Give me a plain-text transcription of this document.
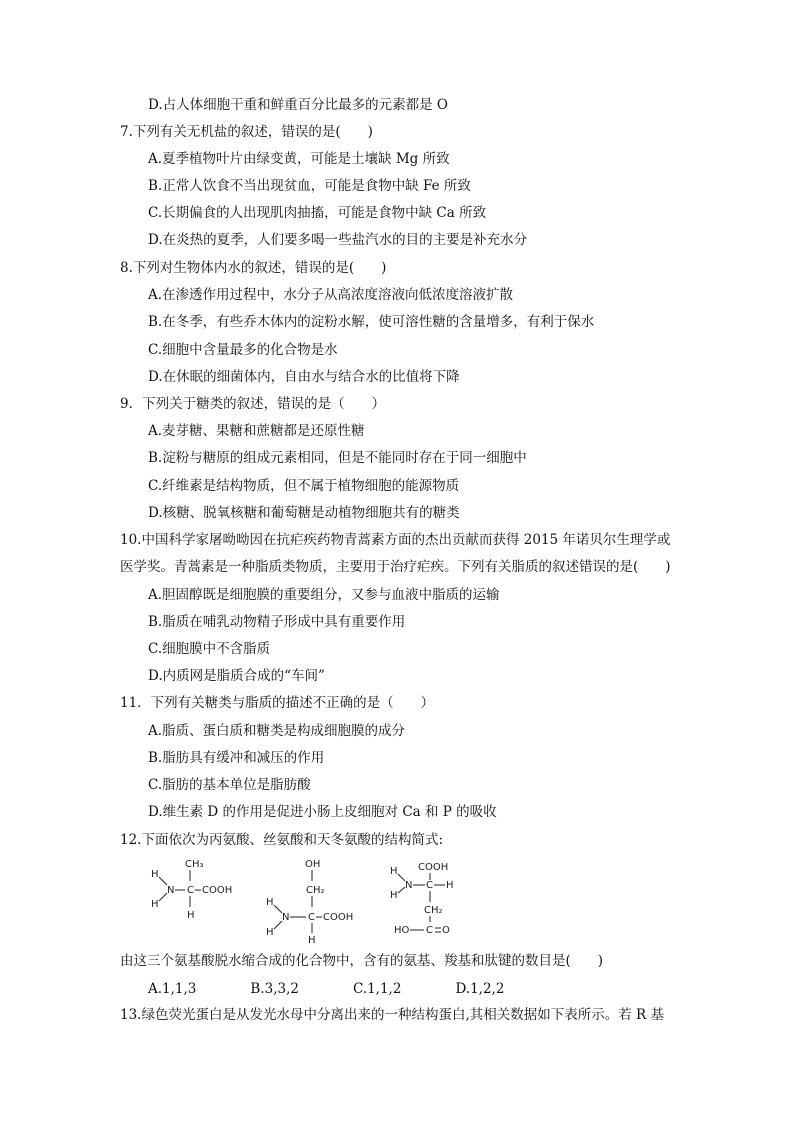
D.占人体细胞干重和鲜重百分比最多的元素都是 O
7.下列有关无机盐的叙述，错误的是(　　)
A.夏季植物叶片由绿变黄，可能是土壤缺 Mg 所致
B.正常人饮食不当出现贫血，可能是食物中缺 Fe 所致
C.长期偏食的人出现肌肉抽搐，可能是食物中缺 Ca 所致
D.在炎热的夏季，人们要多喝一些盐汽水的目的主要是补充水分
8.下列对生物体内水的叙述，错误的是(　　)
A.在渗透作用过程中，水分子从高浓度溶液向低浓度溶液扩散
B.在冬季，有些乔木体内的淀粉水解，使可溶性糖的含量增多，有利于保水
C.细胞中含量最多的化合物是水
D.在休眠的细菌体内，自由水与结合水的比值将下降
9．下列关于糖类的叙述，错误的是（　　）
A.麦芽糖、果糖和蔗糖都是还原性糖
B.淀粉与糖原的组成元素相同，但是不能同时存在于同一细胞中
C.纤维素是结构物质，但不属于植物细胞的能源物质
D.核糖、脱氧核糖和葡萄糖是动植物细胞共有的糖类
10.中国科学家屠呦呦因在抗疟疾药物青蒿素方面的杰出贡献而获得 2015 年诺贝尔生理学或
医学奖。青蒿素是一种脂质类物质，主要用于治疗疟疾。下列有关脂质的叙述错误的是(　　)
A.胆固醇既是细胞膜的重要组分，又参与血液中脂质的运输
B.脂质在哺乳动物精子形成中具有重要作用
C.细胞膜中不含脂质
D.内质网是脂质合成的“车间”
11．下列有关糖类与脂质的描述不正确的是（　　）
A.脂质、蛋白质和糖类是构成细胞膜的成分
B.脂肪具有缓冲和减压的作用
C.脂肪的基本单位是脂肪酸
D.维生素 D 的作用是促进小肠上皮细胞对 Ca 和 P 的吸收
12.下面依次为丙氨酸、丝氨酸和天冬氨酸的结构简式:
CH₃
H
H
N C COOH
H
OH
CH₂
H
H
N C COOH
H
COOH
H
H
N C H
CH₂
HO C O
由这三个氨基酸脱水缩合成的化合物中，含有的氨基、羧基和肽键的数目是(　　)
A.1,1,3　　　　B.3,3,2　　　　C.1,1,2　　　　D.1,2,2
13.绿色荧光蛋白是从发光水母中分离出来的一种结构蛋白,其相关数据如下表所示。若 R 基
